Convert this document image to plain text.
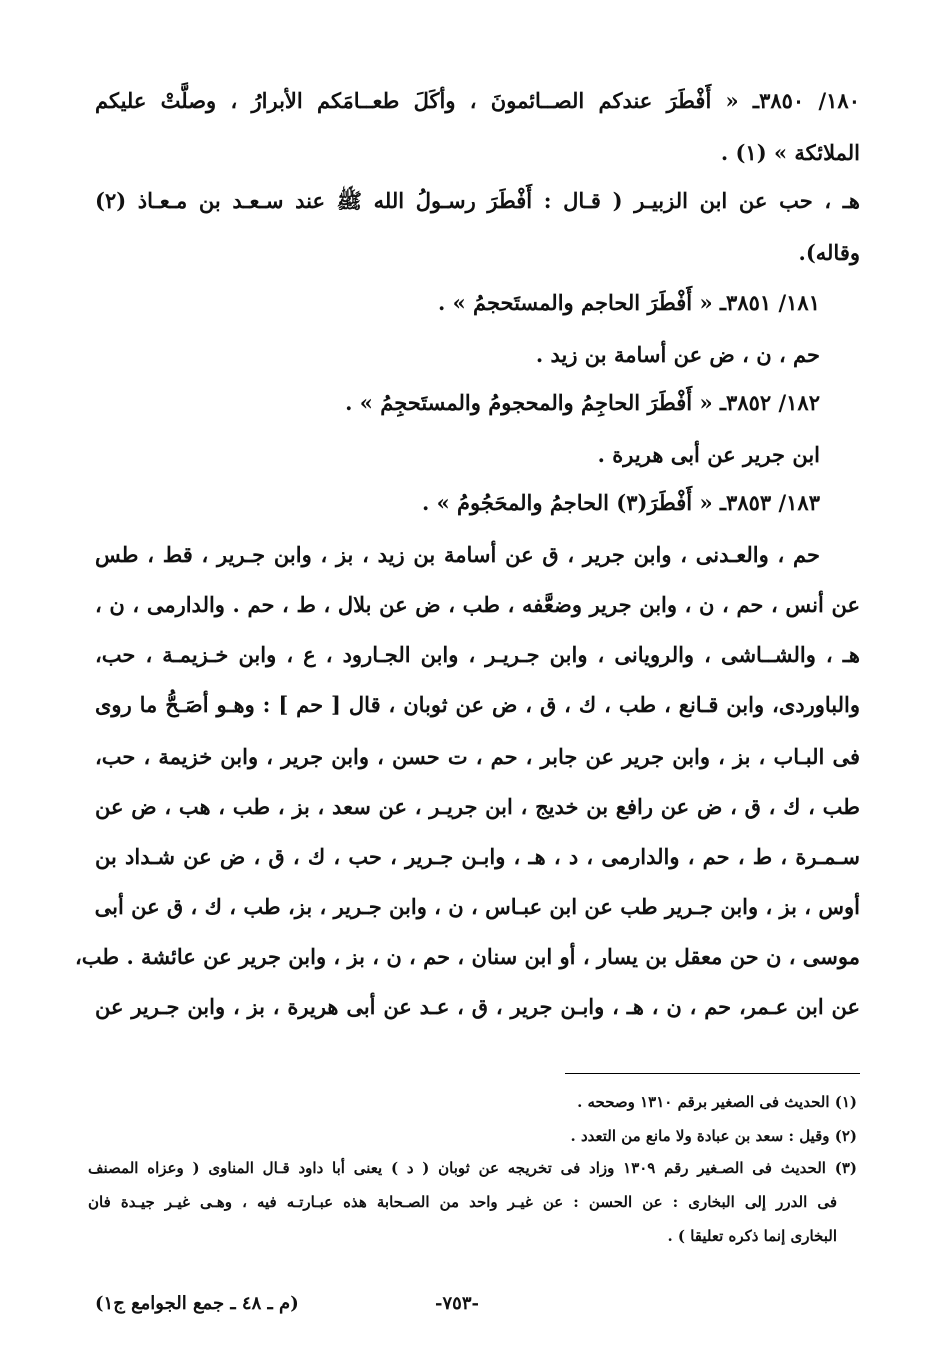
١٨٠/ ٣٨٥٠ـ « أَفْطَرَ عندكم الصــائمونَ ، وأكَلَ طعــامَكم الأبرارُ ، وصلَّتْ عليكم
الملائكة » (١) .
هـ ، حب عن ابن الزبيـر ( قـال : أَفْطَرَ رسـولُ الله ﷺ عند سـعـد بن مـعـاذ (٢)
وقاله).
١٨١/ ٣٨٥١ـ « أَفْطَرَ الحاجم والمستَحجمُ » .
حم ، ن ، ض عن أسامة بن زيد .
١٨٢/ ٣٨٥٢ـ « أَفْطَرَ الحاجِمُ والمحجومُ والمستَحجِمُ » .
ابن جرير عن أبى هريرة .
١٨٣/ ٣٨٥٣ـ « أَفْطَرَ(٣) الحاجمُ والمحَجُومُ » .
حم ، والعـدنى ، وابن جرير ، ق عن أسامة بن زيد ، بز ، وابن جـرير ، قط ، طس
عن أنس ، حم ، ن ، وابن جرير وضعَّفه ، طب ، ض عن بلال ، ط ، حم . والدارمى ، ن ،
هـ ، والشــاشى ، والرويانى ، وابن جـريـر ، وابن الجـارود ، ع ، وابن خـزيمـة ، حب،
والباوردى، وابن قـانع ، طب ، ك ، ق ، ض عن ثوبان ، قال [ حم ] : وهـو أصَـحُّ ما روى
فى البـاب ، بز ، وابن جرير عن جابر ، حم ، ت حسن ، وابن جرير ، وابن خزيمة ، حب،
طب ، ك ، ق ، ض عن رافع بن خديج ، ابن جريـر ، عن سعد ، بز ، طب ، هب ، ض عن
سـمـرة ، ط ، حم ، والدارمى ، د ، هـ ، وابـن جـرير ، حب ، ك ، ق ، ض عن شـداد بن
أوس ، بز ، وابن جـرير طب عن ابن عبـاس ، ن ، وابن جـرير ، بز، طب ، ك ، ق عن أبى
موسى ، ن حن معقل بن يسار ، أو ابن سنان ، حم ، ن ، بز ، وابن جرير عن عائشة . طب،
عن ابن عـمر، حم ، ن ، هـ ، وابـن جرير ، ق ، عـد عن أبى هريرة ، بز ، وابن جـرير عن
(١) الحديث فى الصغير برقم ١٣١٠ وصححه .
(٢) وقيل : سعد بن عبادة ولا مانع من التعدد .
(٣) الحديث فى الصـغير رقم ١٣٠٩ وزاد فى تخريجه عن ثوبان ( د ) يعنى أبا داود قـال المناوى ( وعزاه المصنف
فى الدرر إلى البخارى : عن الحسن : عن غيـر واحد من الصـحابة هذه عبـارتـه فيه ، وهـى غيـر جيـدة فان
البخارى إنما ذكره تعليقا ) .
-٧٥٣-
(م ـ ٤٨ ـ جمع الجوامع ج١)
